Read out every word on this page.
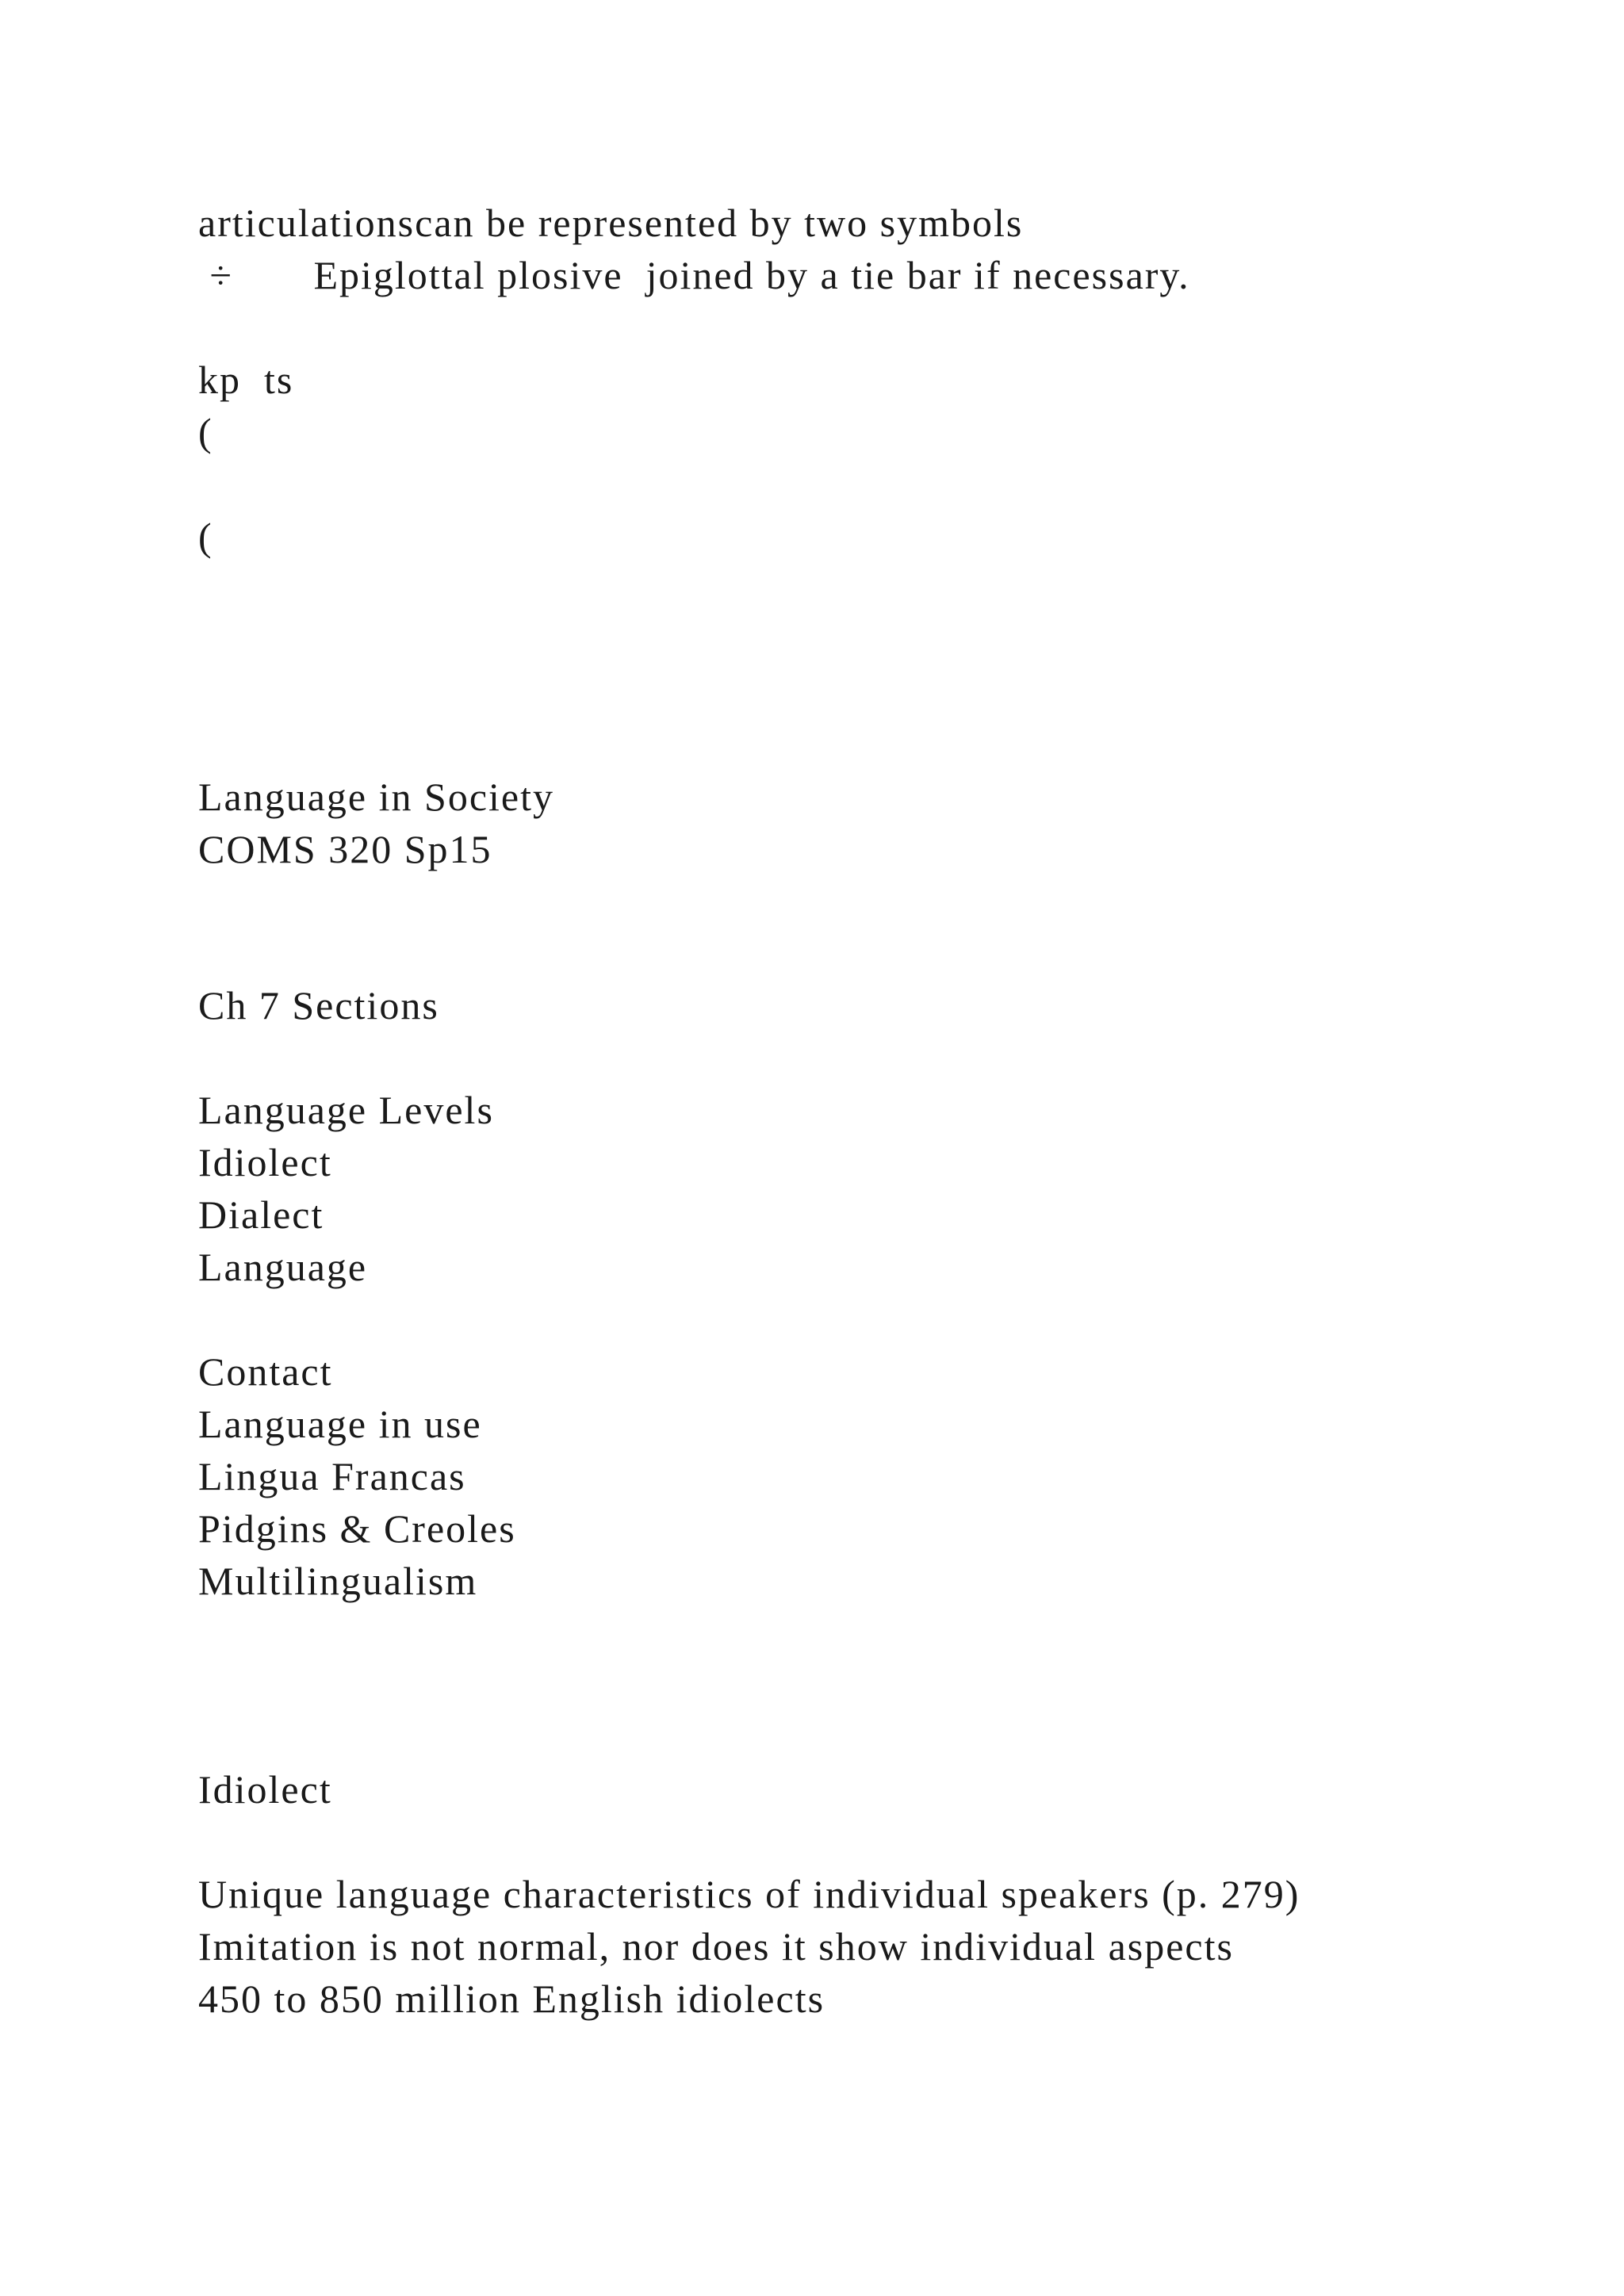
articulationscan be represented by two symbols
÷       Epiglottal plosive  joined by a tie bar if necessary.
kp  ts
(
(
Language in Society
COMS 320 Sp15
Ch 7 Sections
Language Levels
Idiolect
Dialect
Language
Contact
Language in use
Lingua Francas
Pidgins & Creoles
Multilingualism
Idiolect
Unique language characteristics of individual speakers (p. 279)
Imitation is not normal, nor does it show individual aspects
450 to 850 million English idiolects
